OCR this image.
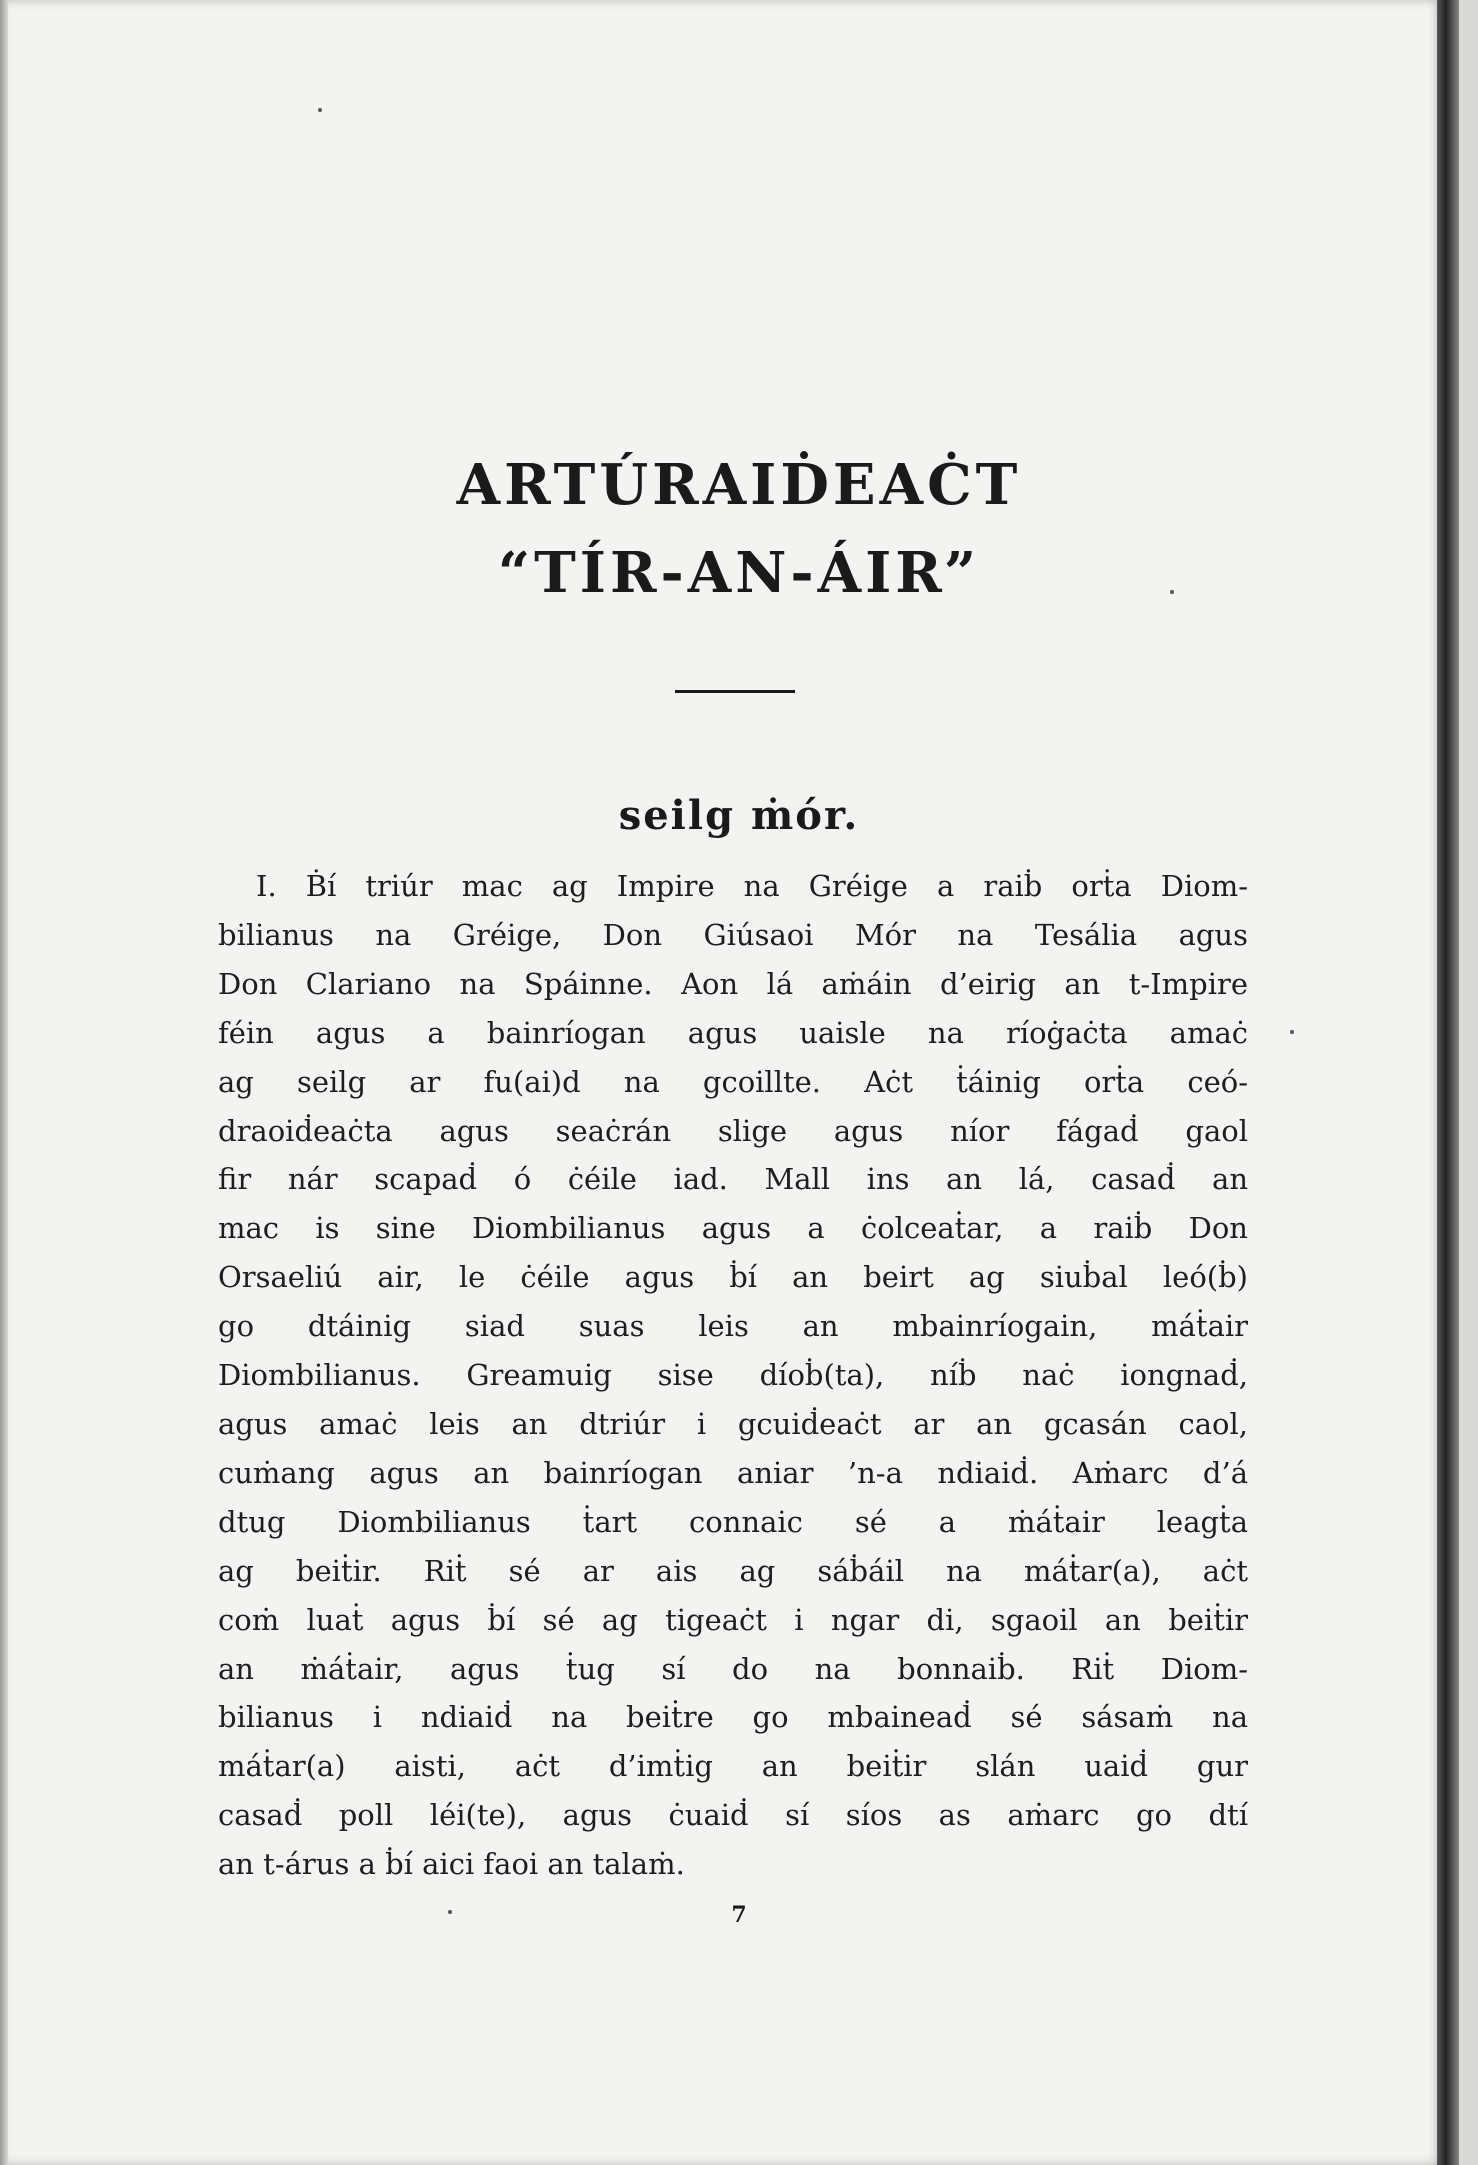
ARTÚRAIḊEAĊT
“TÍR-AN-ÁIR”
seilg ṁór.
I. Ḃí triúr mac ag Impire na Gréige a raiḃ orṫa Diom-
bilianus na Gréige, Don Giúsaoi Mór na Tesália agus
Don Clariano na Spáinne. Aon lá aṁáin d’eirig an t-Impire
féin agus a bainríogan agus uaisle na ríoġaċta amaċ
ag seilg ar fu(ai)d na gcoillte. Aċt ṫáinig orṫa ceó-
draoiḋeaċta agus seaċrán slige agus níor fágaḋ gaol
fir nár scapaḋ ó ċéile iad. Mall ins an lá, casaḋ an
mac is sine Diombilianus agus a ċolceaṫar, a raiḃ Don
Orsaeliú air, le ċéile agus ḃí an beirt ag siuḃal leó(ḃ)
go dtáinig siad suas leis an mbainríogain, máṫair
Diombilianus. Greamuig sise díoḃ(ta), níḃ naċ iongnaḋ,
agus amaċ leis an dtriúr i gcuiḋeaċt ar an gcasán caol,
cuṁang agus an bainríogan aniar ’n-a ndiaiḋ. Aṁarc d’á
dtug Diombilianus ṫart connaic sé a ṁáṫair leagṫa
ag beiṫir. Riṫ sé ar ais ag sáḃáil na máṫar(a), aċt
coṁ luaṫ agus ḃí sé ag tigeaċt i ngar di, sgaoil an beiṫir
an ṁáṫair, agus ṫug sí do na bonnaiḃ. Riṫ Diom-
bilianus i ndiaiḋ na beiṫre go mbaineaḋ sé sásaṁ na
máṫar(a) aisti, aċt d’imṫig an beiṫir slán uaiḋ gur
casaḋ poll léi(te), agus ċuaiḋ sí síos as aṁarc go dtí
an t-árus a ḃí aici faoi an talaṁ.
7
